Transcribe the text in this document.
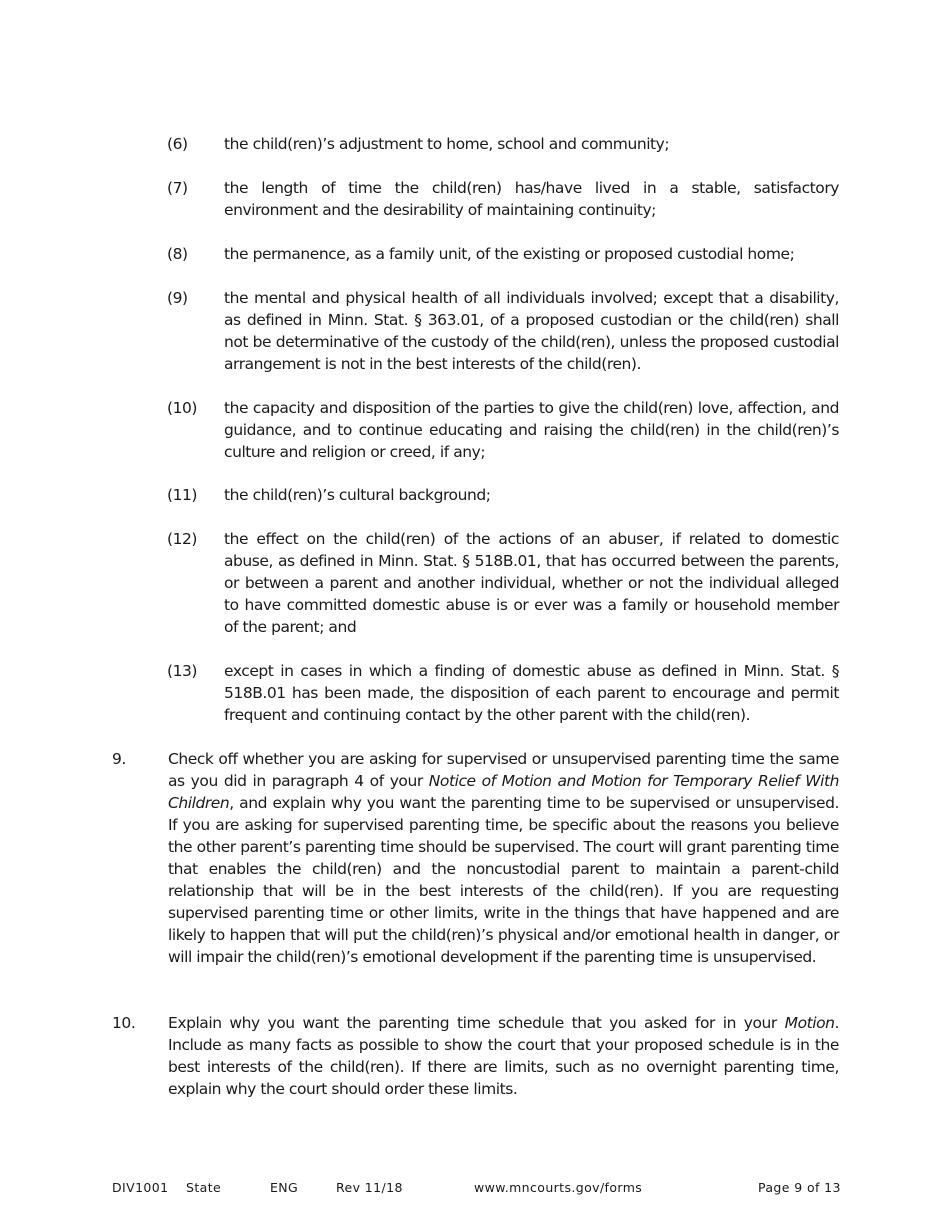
(6) the child(ren)’s adjustment to home, school and community;
(7) the length of time the child(ren) has/have lived in a stable, satisfactory environment and the desirability of maintaining continuity;
(8) the permanence, as a family unit, of the existing or proposed custodial home;
(9) the mental and physical health of all individuals involved; except that a disability, as defined in Minn. Stat. § 363.01, of a proposed custodian or the child(ren) shall not be determinative of the custody of the child(ren), unless the proposed custodial arrangement is not in the best interests of the child(ren).
(10) the capacity and disposition of the parties to give the child(ren) love, affection, and guidance, and to continue educating and raising the child(ren) in the child(ren)’s culture and religion or creed, if any;
(11) the child(ren)’s cultural background;
(12) the effect on the child(ren) of the actions of an abuser, if related to domestic abuse, as defined in Minn. Stat. § 518B.01, that has occurred between the parents, or between a parent and another individual, whether or not the individual alleged to have committed domestic abuse is or ever was a family or household member of the parent; and
(13) except in cases in which a finding of domestic abuse as defined in Minn. Stat. § 518B.01 has been made, the disposition of each parent to encourage and permit frequent and continuing contact by the other parent with the child(ren).
9.	Check off whether you are asking for supervised or unsupervised parenting time the same as you did in paragraph 4 of your Notice of Motion and Motion for Temporary Relief With Children, and explain why you want the parenting time to be supervised or unsupervised. If you are asking for supervised parenting time, be specific about the reasons you believe the other parent’s parenting time should be supervised. The court will grant parenting time that enables the child(ren) and the noncustodial parent to maintain a parent-child relationship that will be in the best interests of the child(ren). If you are requesting supervised parenting time or other limits, write in the things that have happened and are likely to happen that will put the child(ren)’s physical and/or emotional health in danger, or will impair the child(ren)’s emotional development if the parenting time is unsupervised.
10. Explain why you want the parenting time schedule that you asked for in your Motion. Include as many facts as possible to show the court that your proposed schedule is in the best interests of the child(ren). If there are limits, such as no overnight parenting time, explain why the court should order these limits.
DIV1001 State	ENG	Rev 11/18	www.mncourts.gov/forms	Page 9 of 13
